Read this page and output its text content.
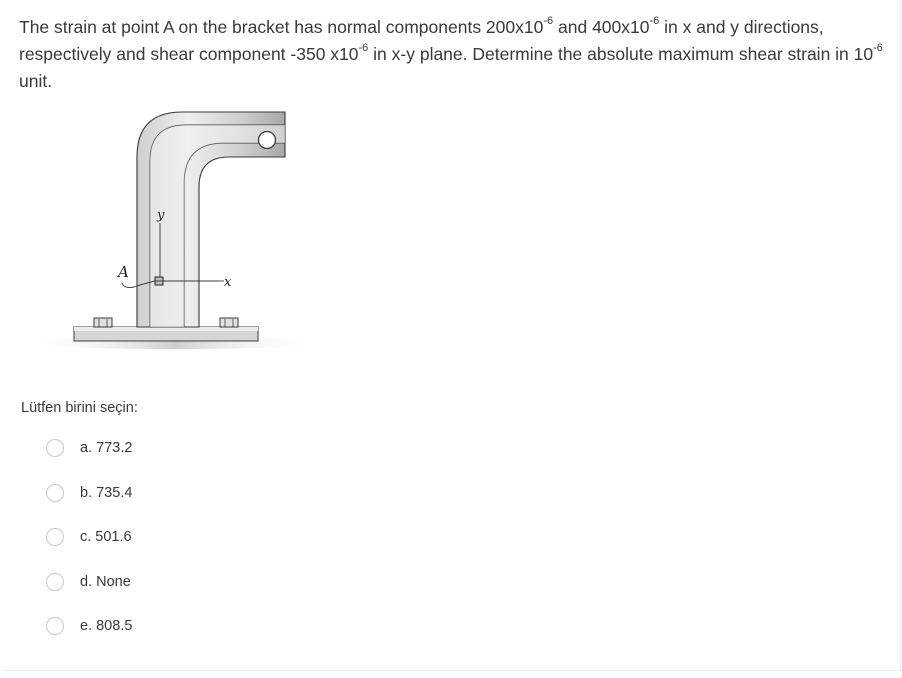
The strain at point A on the bracket has normal components $200x10^{-6}$ and $400x10^{-6}$ in x and y directions, respectively and shear component -350 $x10^{-6}$ in x-y plane. Determine the absolute maximum shear strain in $10^{-6}$ unit.
y
x
A
Lütfen birini seçin:
a. 773.2
b. 735.4
c. 501.6
d. None
e. 808.5
